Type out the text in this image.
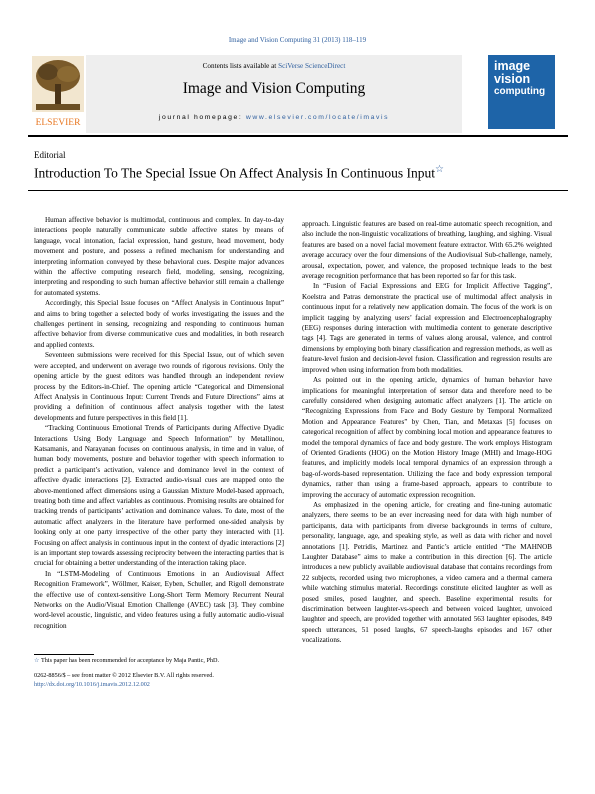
Image and Vision Computing 31 (2013) 118–119
ELSEVIER
Contents lists available at SciVerse ScienceDirect
Image and Vision Computing
journal homepage: www.elsevier.com/locate/imavis
image
vision
computing
Editorial
Introduction To The Special Issue On Affect Analysis In Continuous Input☆

Human affective behavior is multimodal, continuous and complex. In day-to-day interactions people naturally communicate subtle affective states by means of language, vocal intonation, facial expression, hand gesture, head movement, body movement and posture, and possess a refined mechanism for understanding and interpreting information conveyed by these behavioral cues. Despite major advances within the affective computing research field, modeling, sensing, recognizing, interpreting and responding to such human affective behavior still remain a challenge for automated systems.

Accordingly, this Special Issue focuses on “Affect Analysis in Continuous Input” and aims to bring together a selected body of works investigating the issues and the challenges pertinent in sensing, recognizing and responding to continuous human affective behavior from diverse communicative cues and modalities, in both research and applied contexts.

Seventeen submissions were received for this Special Issue, out of which seven were accepted, and underwent on average two rounds of rigorous revisions. Only the opening article by the guest editors was handled through an independent review process by the Editors-in-Chief. The opening article “Categorical and Dimensional Affect Analysis in Continuous Input: Current Trends and Future Directions” aims at providing a definition of continuous affect analysis together with the latest developments and future perspectives in this field [1].

“Tracking Continuous Emotional Trends of Participants during Affective Dyadic Interactions Using Body Language and Speech Information” by Metallinou, Katsamanis, and Narayanan focuses on continuous analysis, in time and in value, of human body movements, posture and behavior together with speech information to predict a participant’s activation, valence and dominance level in the context of affective dyadic interactions [2]. Extracted audio-visual cues are mapped onto the above-mentioned affect dimensions using a Gaussian Mixture Model-based approach, treating both time and affect variables as continuous. Promising results are obtained for tracking trends of participants’ activation and dominance values. To date, most of the automatic affect analyzers in the literature have performed one-sided analysis by looking only at one party irrespective of the other party they interacted with [1]. Focusing on affect analysis in continuous input in the context of dyadic interactions [2] is an important step towards assessing reciprocity between the interacting parties that is crucial for obtaining a better understanding of the interaction taking place.

In “LSTM-Modeling of Continuous Emotions in an Audiovisual Affect Recognition Framework”, Wöllmer, Kaiser, Eyben, Schuller, and Rigoll demonstrate the effective use of context-sensitive Long-Short Term Memory Recurrent Neural Networks on the Audio/Visual Emotion Challenge (AVEC) task [3]. They combine word-level acoustic, linguistic, and video features using a fully automatic audio-visual recognition

approach. Linguistic features are based on real-time automatic speech recognition, and also include the non-linguistic vocalizations of breathing, laughing, and sighing. Visual features are based on a novel facial movement feature extractor. With 65.2% weighted average accuracy over the four dimensions of the Audiovisual Sub-challenge, namely, arousal, expectation, power, and valence, the proposed technique leads to the best average recognition performance that has been reported so far for this task.

In “Fusion of Facial Expressions and EEG for Implicit Affective Tagging”, Koelstra and Patras demonstrate the practical use of multimodal affect analysis in continuous input for a relatively new application domain. The focus of the work is on implicit tagging by analyzing users’ facial expression and Electroencephalography (EEG) responses during interaction with multimedia content to generate descriptive tags [4]. Tags are generated in terms of values along arousal, valence, and control dimensions by employing both binary classification and regression methods, as well as feature-level fusion and decision-level fusion. Classification and regression results are improved when using information from both modalities.

As pointed out in the opening article, dynamics of human behavior have implications for meaningful interpretation of sensor data and therefore need to be carefully considered when designing automatic affect analyzers [1]. The article on “Recognizing Expressions from Face and Body Gesture by Temporal Normalized Motion and Appearance Features” by Chen, Tian, and Metaxas [5] focuses on categorical recognition of affect by combining local motion and appearance features to model the temporal dynamics of face and body gesture. The work employs Histogram of Oriented Gradients (HOG) on the Motion History Image (MHI) and Image-HOG features, and implicitly models local temporal dynamics of an expression through a bag-of-words-based representation. Utilizing the face and body expression temporal dynamics, rather than using a frame-based approach, appears to contribute to improving the accuracy of automatic expression recognition.

As emphasized in the opening article, for creating and fine-tuning automatic analyzers, there seems to be an ever increasing need for data with high number of participants, data with participants from diverse backgrounds in terms of culture, personality, language, age, and speaking style, as well as data with richer and novel annotations [1]. Petridis, Martinez and Pantic’s article entitled “The MAHNOB Laughter Database” aims to make a contribution in this direction [6]. The article introduces a new publicly available audiovisual database that contains recordings from 22 subjects, recorded using two microphones, a video camera and a thermal camera while watching stimulus material. Recordings constitute elicited laughter as well as posed smiles, posed laughter, and speech. Baseline experimental results for discrimination between laughter-vs-speech and between voiced laughter, unvoiced laughter and speech, are provided together with annotated 563 laughter episodes, 849 speech utterances, 51 posed laughs, 67 speech-laughs episodes and 167 other vocalizations.

☆ This paper has been recommended for acceptance by Maja Pantic, PhD.
0262-8856/$ – see front matter © 2012 Elsevier B.V. All rights reserved.
http://dx.doi.org/10.1016/j.imavis.2012.12.002
